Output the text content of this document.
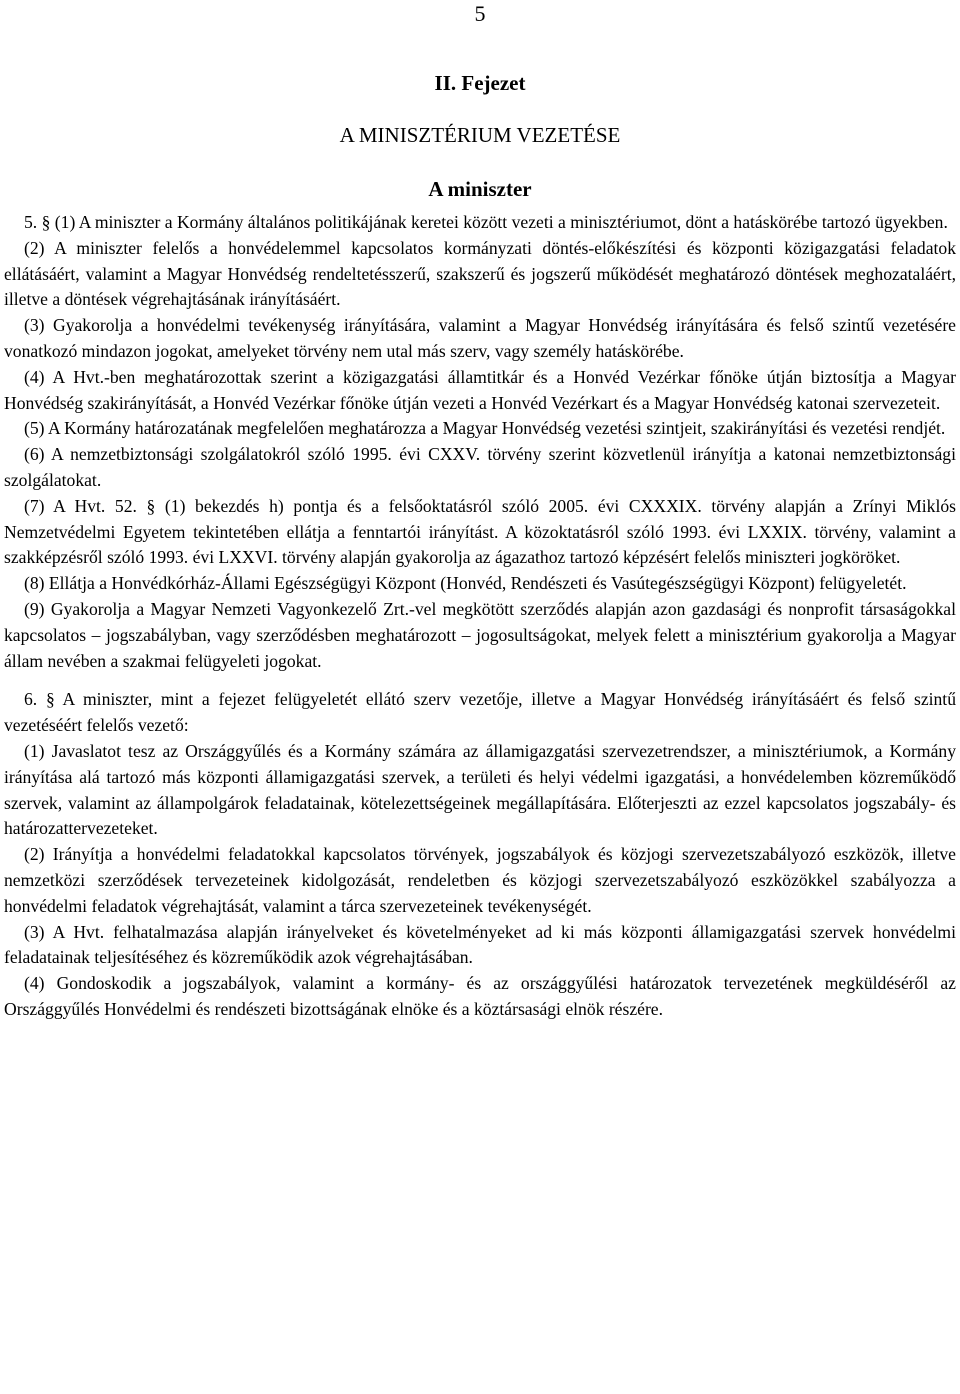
5
II. Fejezet
A MINISZTÉRIUM VEZETÉSE
A miniszter

5. § (1) A miniszter a Kormány általános politikájának keretei között vezeti a minisztériumot, dönt a hatáskörébe tartozó ügyekben.

(2) A miniszter felelős a honvédelemmel kapcsolatos kormányzati döntés-előkészítési és központi közigazgatási feladatok ellátásáért, valamint a Magyar Honvédség rendeltetésszerű, szakszerű és jogszerű működését meghatározó döntések meghozataláért, illetve a döntések végrehajtásának irányításáért.

(3) Gyakorolja a honvédelmi tevékenység irányítására, valamint a Magyar Honvédség irányítására és felső szintű vezetésére vonatkozó mindazon jogokat, amelyeket törvény nem utal más szerv, vagy személy hatáskörébe.

(4) A Hvt.-ben meghatározottak szerint a közigazgatási államtitkár és a Honvéd Vezérkar főnöke útján biztosítja a Magyar Honvédség szakirányítását, a Honvéd Vezérkar főnöke útján vezeti a Honvéd Vezérkart és a Magyar Honvédség katonai szervezeteit.

(5) A Kormány határozatának megfelelően meghatározza a Magyar Honvédség vezetési szintjeit, szakirányítási és vezetési rendjét.

(6) A nemzetbiztonsági szolgálatokról szóló 1995. évi CXXV. törvény szerint közvetlenül irányítja a katonai nemzetbiztonsági szolgálatokat.

(7) A Hvt. 52. § (1) bekezdés h) pontja és a felsőoktatásról szóló 2005. évi CXXXIX. törvény alapján a Zrínyi Miklós Nemzetvédelmi Egyetem tekintetében ellátja a fenntartói irányítást. A közoktatásról szóló 1993. évi LXXIX. törvény, valamint a szakképzésről szóló 1993. évi LXXVI. törvény alapján gyakorolja az ágazathoz tartozó képzésért felelős miniszteri jogköröket.

(8) Ellátja a Honvédkórház-Állami Egészségügyi Központ (Honvéd, Rendészeti és Vasútegészségügyi Központ) felügyeletét.

(9) Gyakorolja a Magyar Nemzeti Vagyonkezelő Zrt.-vel megkötött szerződés alapján azon gazdasági és nonprofit társaságokkal kapcsolatos – jogszabályban, vagy szerződésben meghatározott – jogosultságokat, melyek felett a minisztérium gyakorolja a Magyar állam nevében a szakmai felügyeleti jogokat.

6. § A miniszter, mint a fejezet felügyeletét ellátó szerv vezetője, illetve a Magyar Honvédség irányításáért és felső szintű vezetéséért felelős vezető:

(1) Javaslatot tesz az Országgyűlés és a Kormány számára az államigazgatási szervezetrendszer, a minisztériumok, a Kormány irányítása alá tartozó más központi államigazgatási szervek, a területi és helyi védelmi igazgatási, a honvédelemben közreműködő szervek, valamint az állampolgárok feladatainak, kötelezettségeinek megállapítására. Előterjeszti az ezzel kapcsolatos jogszabály- és határozattervezeteket.

(2) Irányítja a honvédelmi feladatokkal kapcsolatos törvények, jogszabályok és közjogi szervezetszabályozó eszközök, illetve nemzetközi szerződések tervezeteinek kidolgozását, rendeletben és közjogi szervezetszabályozó eszközökkel szabályozza a honvédelmi feladatok végrehajtását, valamint a tárca szervezeteinek tevékenységét.

(3) A Hvt. felhatalmazása alapján irányelveket és követelményeket ad ki más központi államigazgatási szervek honvédelmi feladatainak teljesítéséhez és közreműködik azok végrehajtásában.

(4) Gondoskodik a jogszabályok, valamint a kormány- és az országgyűlési határozatok tervezetének megküldéséről az Országgyűlés Honvédelmi és rendészeti bizottságának elnöke és a köztársasági elnök részére.
